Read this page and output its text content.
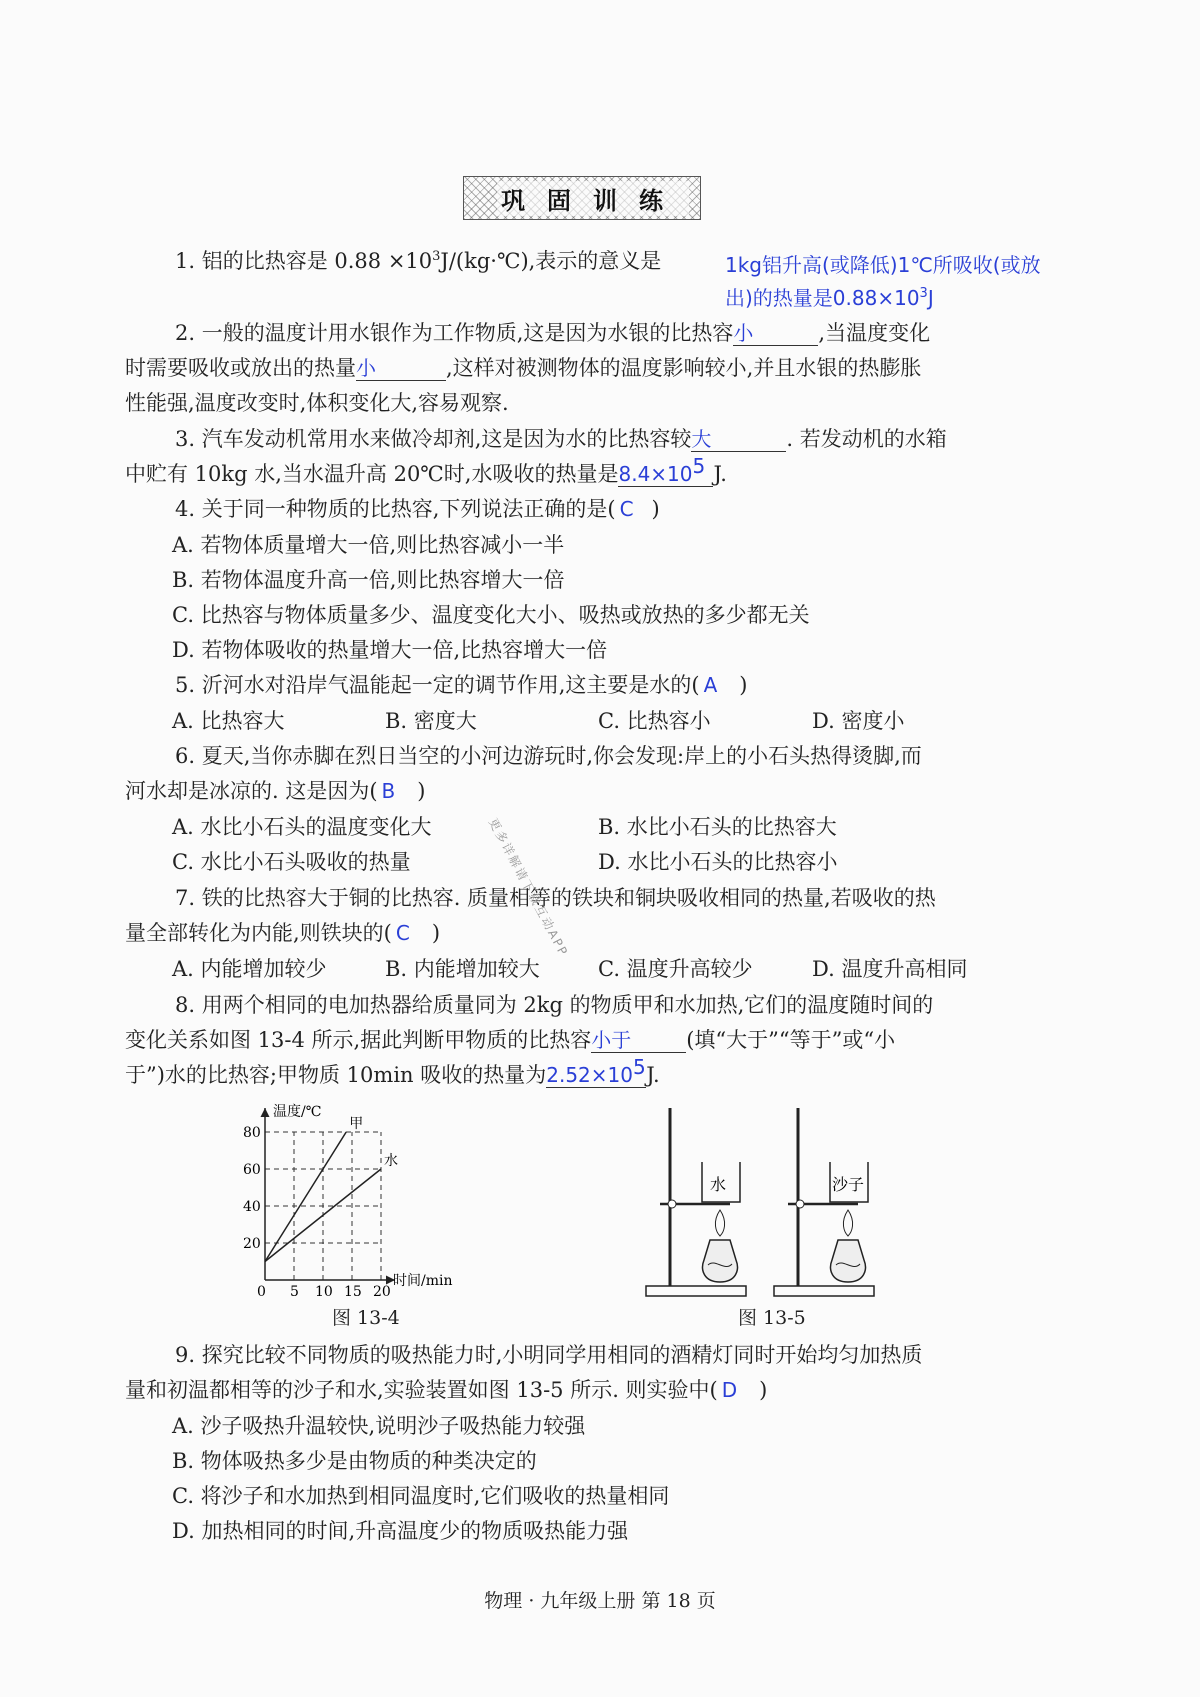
巩固训练
1. 铝的比热容是 $0.88 \times 10^3J/(kg\cdot℃)$,表示的意义是	1kg铝升高(或降低)1℃所吸收(或放
出)的热量是$0.88\times 10^3J$
2. 一般的温度计用水银作为工作物质,这是因为水银的比热容小	,当温度变化
时需要吸收或放出的热量小	,这样对被测物体的温度影响较小,并且水银的热膨胀
性能强,温度改变时,体积变化大,容易观察.
3. 汽车发动机常用水来做冷却剂,这是因为水的比热容较大	. 若发动机的水箱
中贮有 10kg 水,当水温升高 20℃时,水吸收的热量是$8.4\times 10^5$ J.
4. 关于同一种物质的比热容,下列说法正确的是( C )
A. 若物体质量增大一倍,则比热容减小一半
B. 若物体温度升高一倍,则比热容增大一倍
C. 比热容与物体质量多少、温度变化大小、吸热或放热的多少都无关
D. 若物体吸收的热量增大一倍,比热容增大一倍
5. 沂河水对沿岸气温能起一定的调节作用,这主要是水的( A )
A. 比热容大	B. 密度大	C. 比热容小	D. 密度小
6. 夏天,当你赤脚在烈日当空的小河边游玩时,你会发现:岸上的小石头热得烫脚,而
河水却是冰凉的. 这是因为( B )
A. 水比小石头的温度变化大	B. 水比小石头的比热容大
C. 水比小石头吸收的热量	D. 水比小石头的比热容小
7. 铁的比热容大于铜的比热容. 质量相等的铁块和铜块吸收相同的热量,若吸收的热
量全部转化为内能,则铁块的( C )
A. 内能增加较少	B. 内能增加较大	C. 温度升高较少	D. 温度升高相同
8. 用两个相同的电加热器给质量同为 2kg 的物质甲和水加热,它们的温度随时间的
变化关系如图 13-4 所示,据此判断甲物质的比热容小于	(填“大于”“等于”或“小
于”)水的比热容;甲物质 10min 吸收的热量为$2.52\times 10^5J$.
温度/℃
时间/min
20
40
60
80
5 10 15 20
甲
水
0
图 13-4
水	沙子
图 13-5
9. 探究比较不同物质的吸热能力时,小明同学用相同的酒精灯同时开始均匀加热质
量和初温都相等的沙子和水,实验装置如图 13-5 所示. 则实验中( D )
A. 沙子吸热升温较快,说明沙子吸热能力较强
B. 物体吸热多少是由物质的种类决定的
C. 将沙子和水加热到相同温度时,它们吸收的热量相同
D. 加热相同的时间,升高温度少的物质吸热能力强
更多详解请下载互动APP
物理 · 九年级上册 第 18 页
